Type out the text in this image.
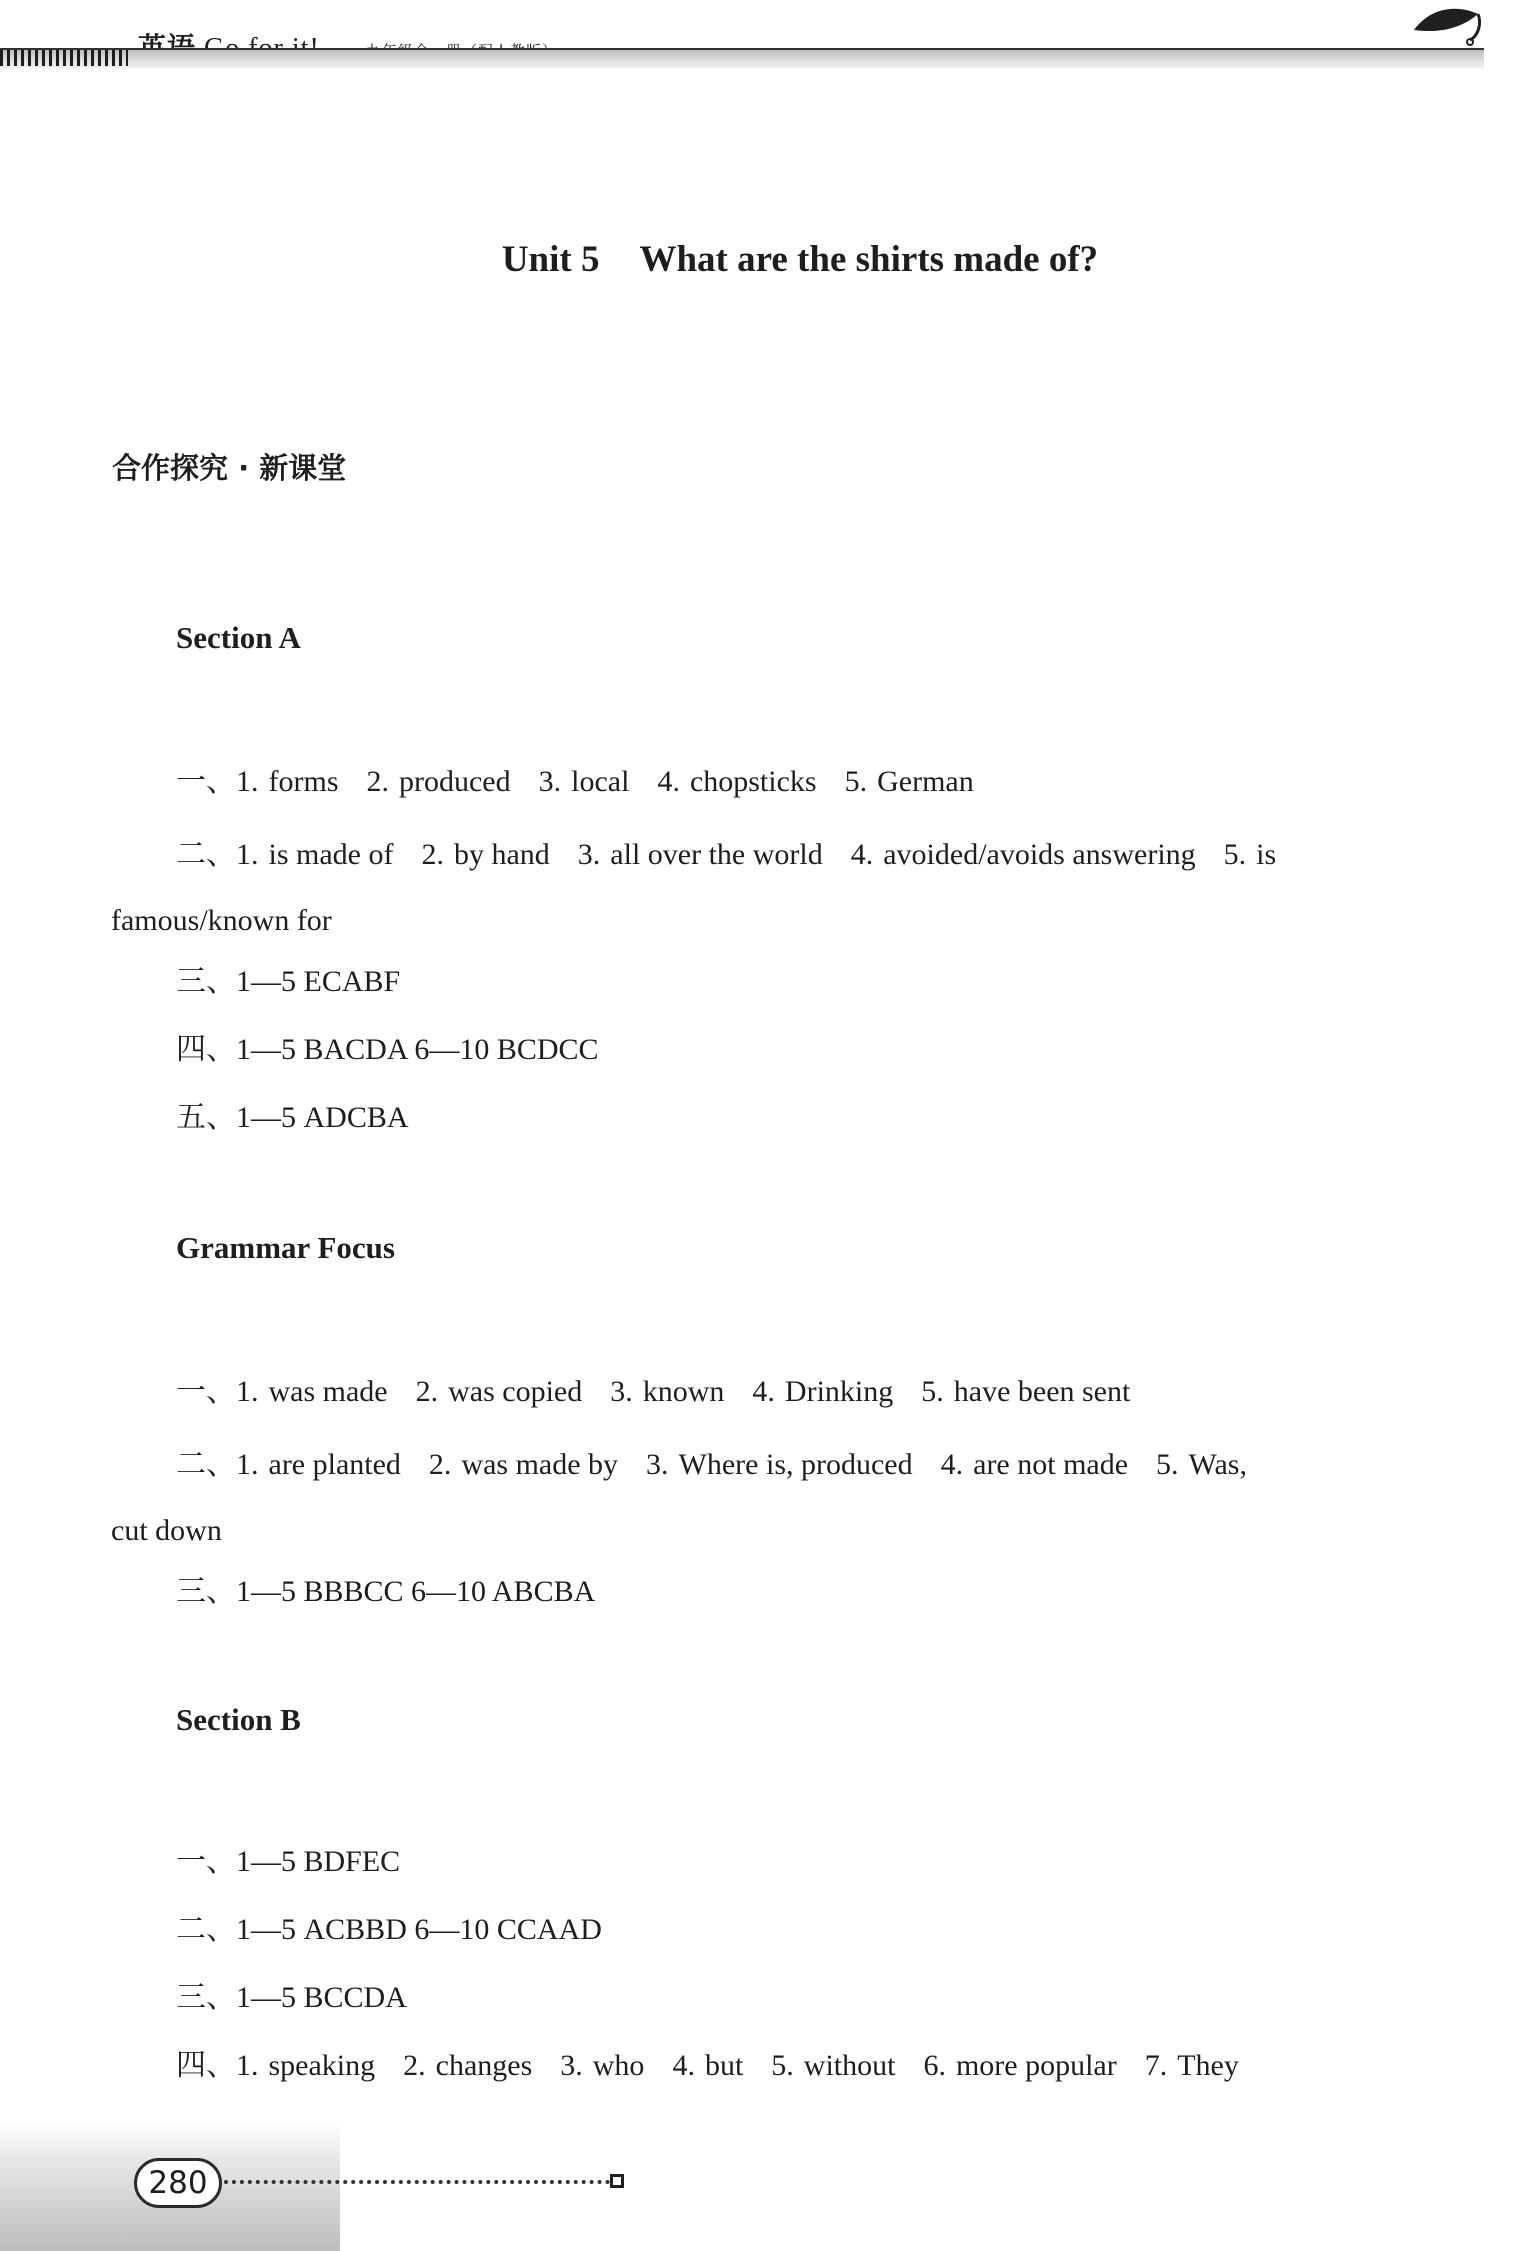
Unit 5 What are the shirts made of?
合作探究 · 新课堂
Section A
一、1. forms 2. produced 3. local 4. chopsticks 5. German
二、1. is made of 2. by hand 3. all over the world 4. avoided/avoids answering 5. is
famous/known for
三、1—5 ECABF
四、1—5 BACDA 6—10 BCDCC
五、1—5 ADCBA
Grammar Focus
一、1. was made 2. was copied 3. known 4. Drinking 5. have been sent
二、1. are planted 2. was made by 3. Where is, produced 4. are not made 5. Was,
cut down
三、1—5 BBBCC 6—10 ABCBA
Section B
一、1—5 BDFEC
二、1—5 ACBBD 6—10 CCAAD
三、1—5 BCCDA
四、1. speaking 2. changes 3. who 4. but 5. without 6. more popular 7. They
280
